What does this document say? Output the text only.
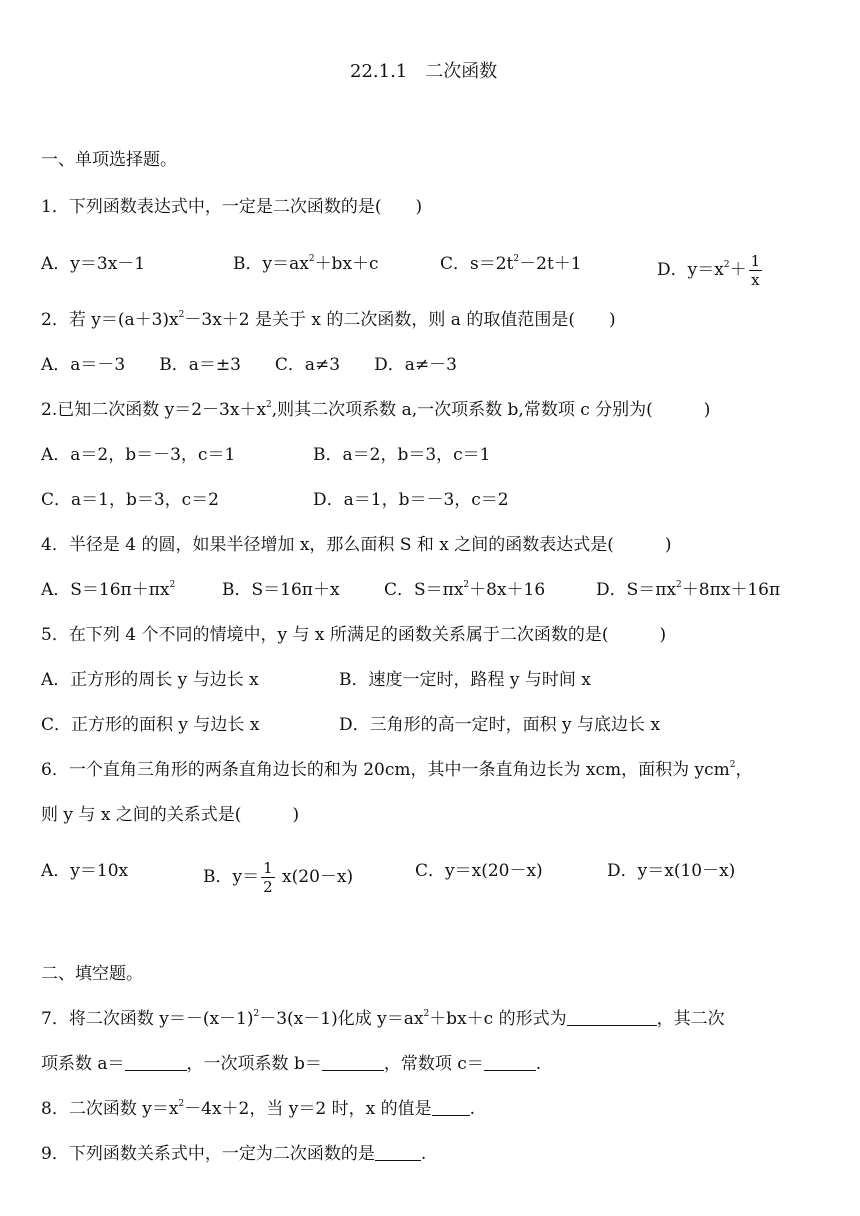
22.1.1　二次函数
一、单项选择题。
1．下列函数表达式中，一定是二次函数的是(　　)
A．y＝3x－1	B．$y=ax^2+bx+c$	C．$s=2t^2-2t+1$	D．$y=x^2+ \frac{1}{x}$
2．若 $y=(a+3)x^2-3x+2$ 是关于 x 的二次函数，则 a 的取值范围是(　　)
A．a＝－3　　B．a＝±3　　C．a≠3　　D．a≠－3
2.已知二次函数 $y=2-3x+x^2$,则其二次项系数 a,一次项系数 b,常数项 c 分别为(　　　)
A．a＝2，b＝－3，c＝1	B．a＝2，b＝3，c＝1
C．a＝1，b＝3，c＝2	D．a＝1，b＝－3，c＝2
4．半径是 4 的圆，如果半径增加 x，那么面积 S 和 x 之间的函数表达式是(　　　)
A．$S=16\pi+\pi x^2$	B．S＝16π＋x	C．$S=\pi x^2+8x+16$	D．$S=\pi x^2+8\pi x+16\pi$
5．在下列 4 个不同的情境中，y 与 x 所满足的函数关系属于二次函数的是(　　　)
A．正方形的周长 y 与边长 x	B．速度一定时，路程 y 与时间 x
C．正方形的面积 y 与边长 x	D．三角形的高一定时，面积 y 与底边长 x
6．一个直角三角形的两条直角边长的和为 20cm，其中一条直角边长为 xcm，面积为 ycm$^2$，
则 y 与 x 之间的关系式是(　　　)
A．y＝10x	B．$y= \frac{1}{2} x(20-x)$	C．y＝x(20－x)	D．y＝x(10－x)
二、填空题。
7．将二次函数 $y=-(x-1)^2-3(x-1)$化成 $y=ax^2+bx+c$ 的形式为	，其二次
项系数 a＝	，一次项系数 b＝	，常数项 c＝	.
8．二次函数 $y=x^2-4x+2$，当 y＝2 时，x 的值是 .
9．下列函数关系式中，一定为二次函数的是	.
